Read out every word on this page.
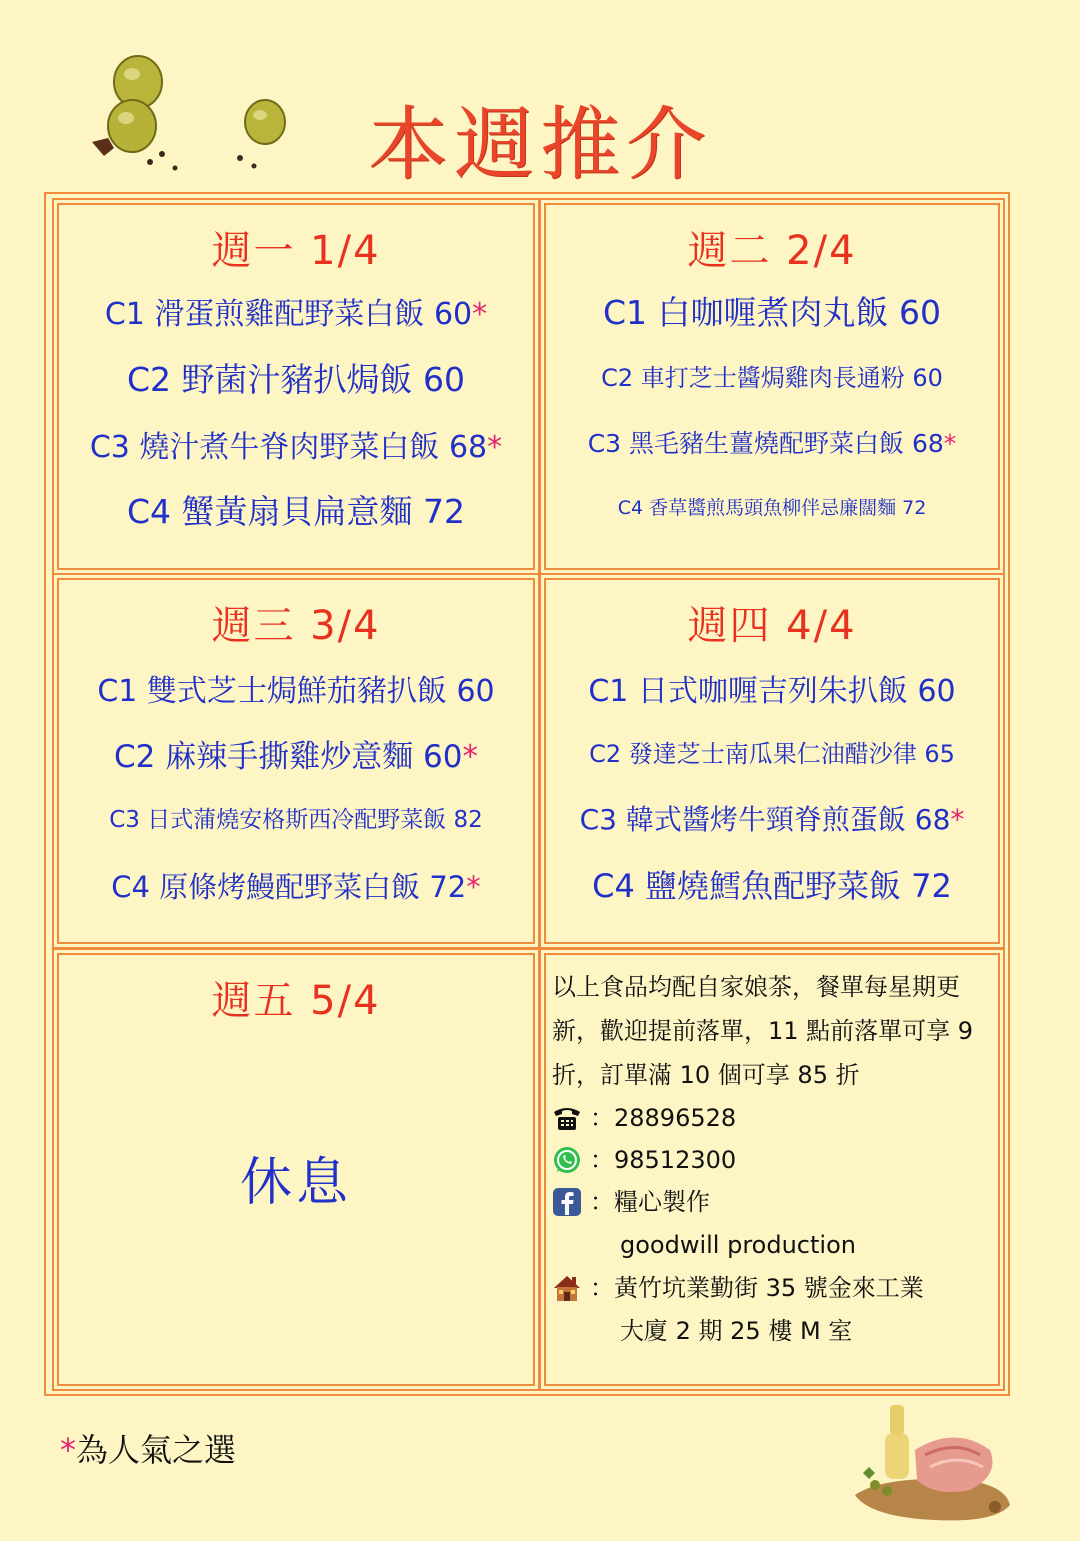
本週推介
週一 1/4
C1 滑蛋煎雞配野菜白飯 60*
C2 野菌汁豬扒焗飯 60
C3 燒汁煮牛脊肉野菜白飯 68*
C4 蟹黃扇貝扁意麵 72
週二 2/4
C1 白咖喱煮肉丸飯 60
C2 車打芝士醬焗雞肉長通粉 60
C3 黑毛豬生薑燒配野菜白飯 68*
C4 香草醬煎馬頭魚柳伴忌廉闊麵 72
週三 3/4
C1 雙式芝士焗鮮茄豬扒飯 60
C2 麻辣手撕雞炒意麵 60*
C3 日式蒲燒安格斯西冷配野菜飯 82
C4 原條烤鰻配野菜白飯 72*
週四 4/4
C1 日式咖喱吉列朱扒飯 60
C2 發達芝士南瓜果仁油醋沙律 65
C3 韓式醬烤牛頸脊煎蛋飯 68*
C4 鹽燒鱈魚配野菜飯 72
週五 5/4
休息

以上食品均配自家娘茶，餐單每星期更新，歡迎提前落單，11 點前落單可享 9 折，訂單滿 10 個可享 85 折

： 28896528
： 98512300
： 糧心製作
goodwill production
： 黃竹坑業勤街 35 號金來工業
大廈 2 期 25 樓 M 室
*為人氣之選
